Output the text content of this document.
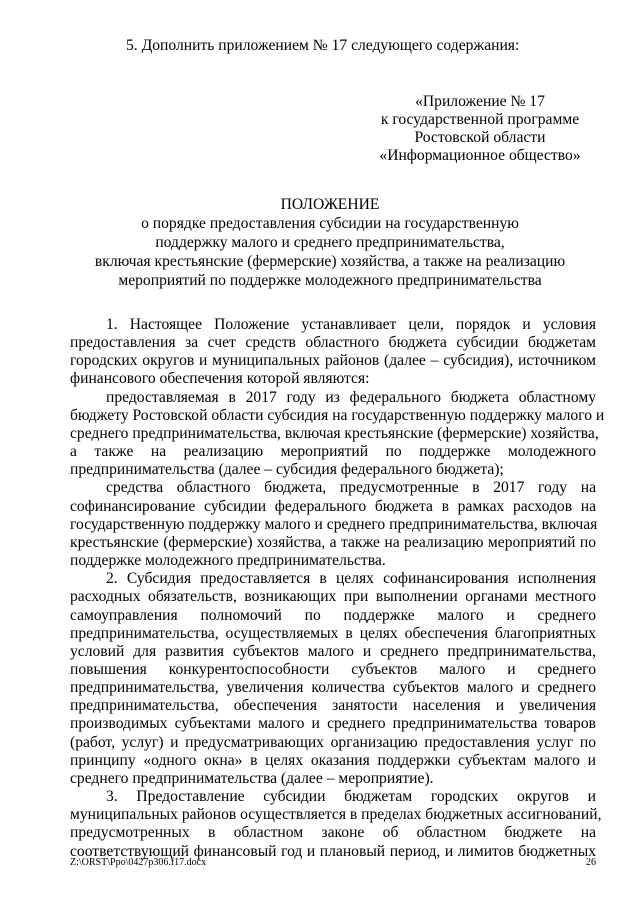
5. Дополнить приложением № 17 следующего содержания:
«Приложение № 17
к государственной программе
Ростовской области
«Информационное общество»
ПОЛОЖЕНИЕ
о порядке предоставления субсидии на государственную
поддержку малого и среднего предпринимательства,
включая крестьянские (фермерские) хозяйства, а также на реализацию
мероприятий по поддержке молодежного предпринимательства
1. Настоящее Положение устанавливает цели, порядок и условия
предоставления за счет средств областного бюджета субсидии бюджетам
городских округов и муниципальных районов (далее – субсидия), источником
финансового обеспечения которой являются:
предоставляемая в 2017 году из федерального бюджета областному
бюджету Ростовской области субсидия на государственную поддержку малого и
среднего предпринимательства, включая крестьянские (фермерские) хозяйства,
а также на реализацию мероприятий по поддержке молодежного
предпринимательства (далее – субсидия федерального бюджета);
средства областного бюджета, предусмотренные в 2017 году на
софинансирование субсидии федерального бюджета в рамках расходов на
государственную поддержку малого и среднего предпринимательства, включая
крестьянские (фермерские) хозяйства, а также на реализацию мероприятий по
поддержке молодежного предпринимательства.
2. Субсидия предоставляется в целях софинансирования исполнения
расходных обязательств, возникающих при выполнении органами местного
самоуправления полномочий по поддержке малого и среднего
предпринимательства, осуществляемых в целях обеспечения благоприятных
условий для развития субъектов малого и среднего предпринимательства,
повышения конкурентоспособности субъектов малого и среднего
предпринимательства, увеличения количества субъектов малого и среднего
предпринимательства, обеспечения занятости населения и увеличения
производимых субъектами малого и среднего предпринимательства товаров
(работ, услуг) и предусматривающих организацию предоставления услуг по
принципу «одного окна» в целях оказания поддержки субъектам малого и
среднего предпринимательства (далее – мероприятие).
3. Предоставление субсидии бюджетам городских округов и
муниципальных районов осуществляется в пределах бюджетных ассигнований,
предусмотренных в областном законе об областном бюджете на
соответствующий финансовый год и плановый период, и лимитов бюджетных
Z:\ORST\Ppo\0427p306.f17.docx	26
